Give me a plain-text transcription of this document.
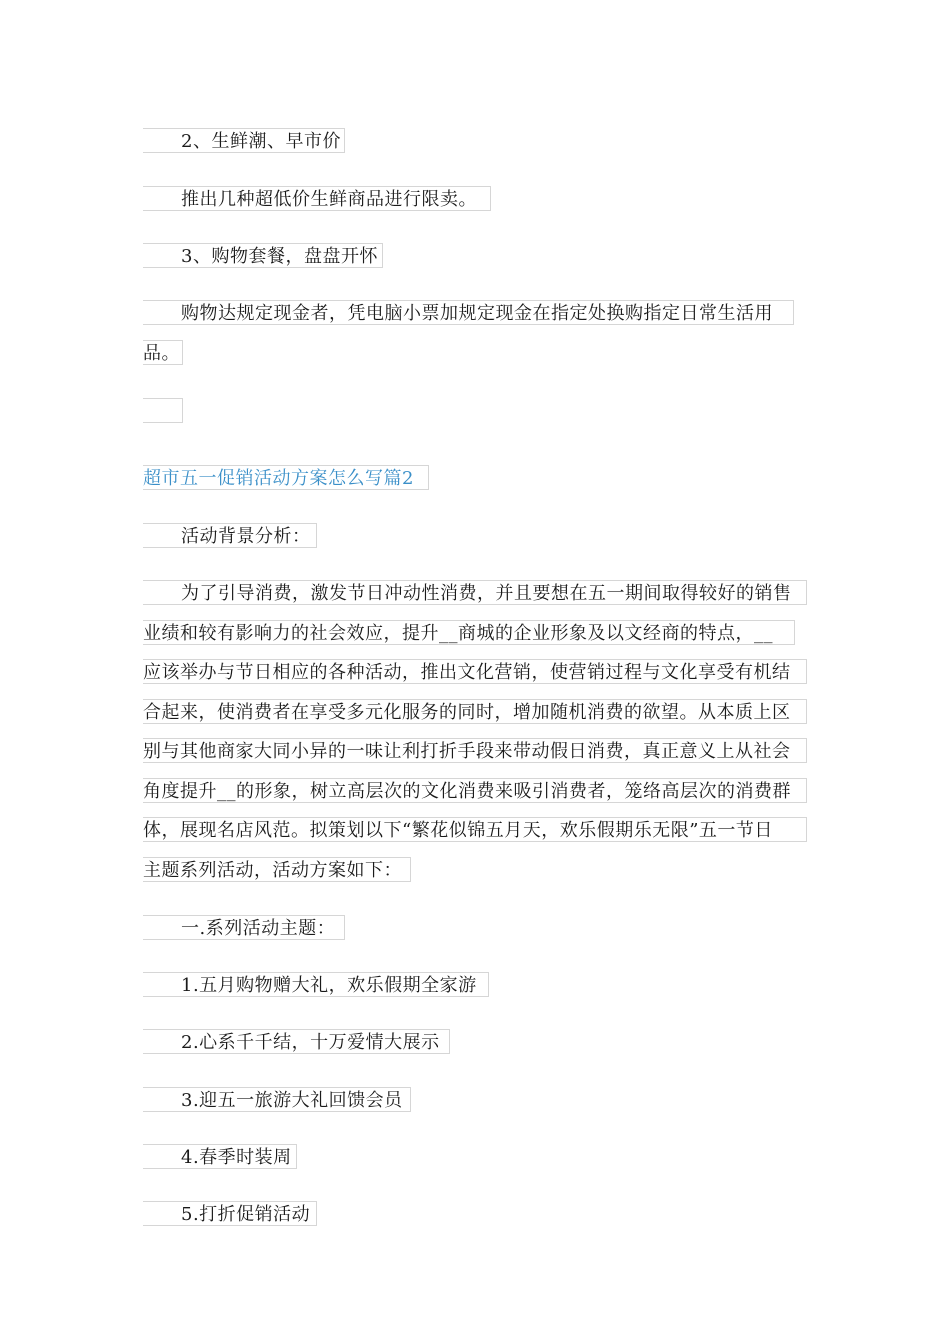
2、生鲜潮、早市价
推出几种超低价生鲜商品进行限卖。
3、购物套餐，盘盘开怀
购物达规定现金者，凭电脑小票加规定现金在指定处换购指定日常生活用
品。
超市五一促销活动方案怎么写篇2
活动背景分析：
为了引导消费，激发节日冲动性消费，并且要想在五一期间取得较好的销售
业绩和较有影响力的社会效应，提升__商城的企业形象及以文经商的特点，__
应该举办与节日相应的各种活动，推出文化营销，使营销过程与文化享受有机结
合起来，使消费者在享受多元化服务的同时，增加随机消费的欲望。从本质上区
别与其他商家大同小异的一味让利打折手段来带动假日消费，真正意义上从社会
角度提升__的形象，树立高层次的文化消费来吸引消费者，笼络高层次的消费群
体，展现名店风范。拟策划以下“繁花似锦五月天，欢乐假期乐无限”五一节日
主题系列活动，活动方案如下：
一.系列活动主题：
1.五月购物赠大礼，欢乐假期全家游
2.心系千千结，十万爱情大展示
3.迎五一旅游大礼回馈会员
4.春季时装周
5.打折促销活动
